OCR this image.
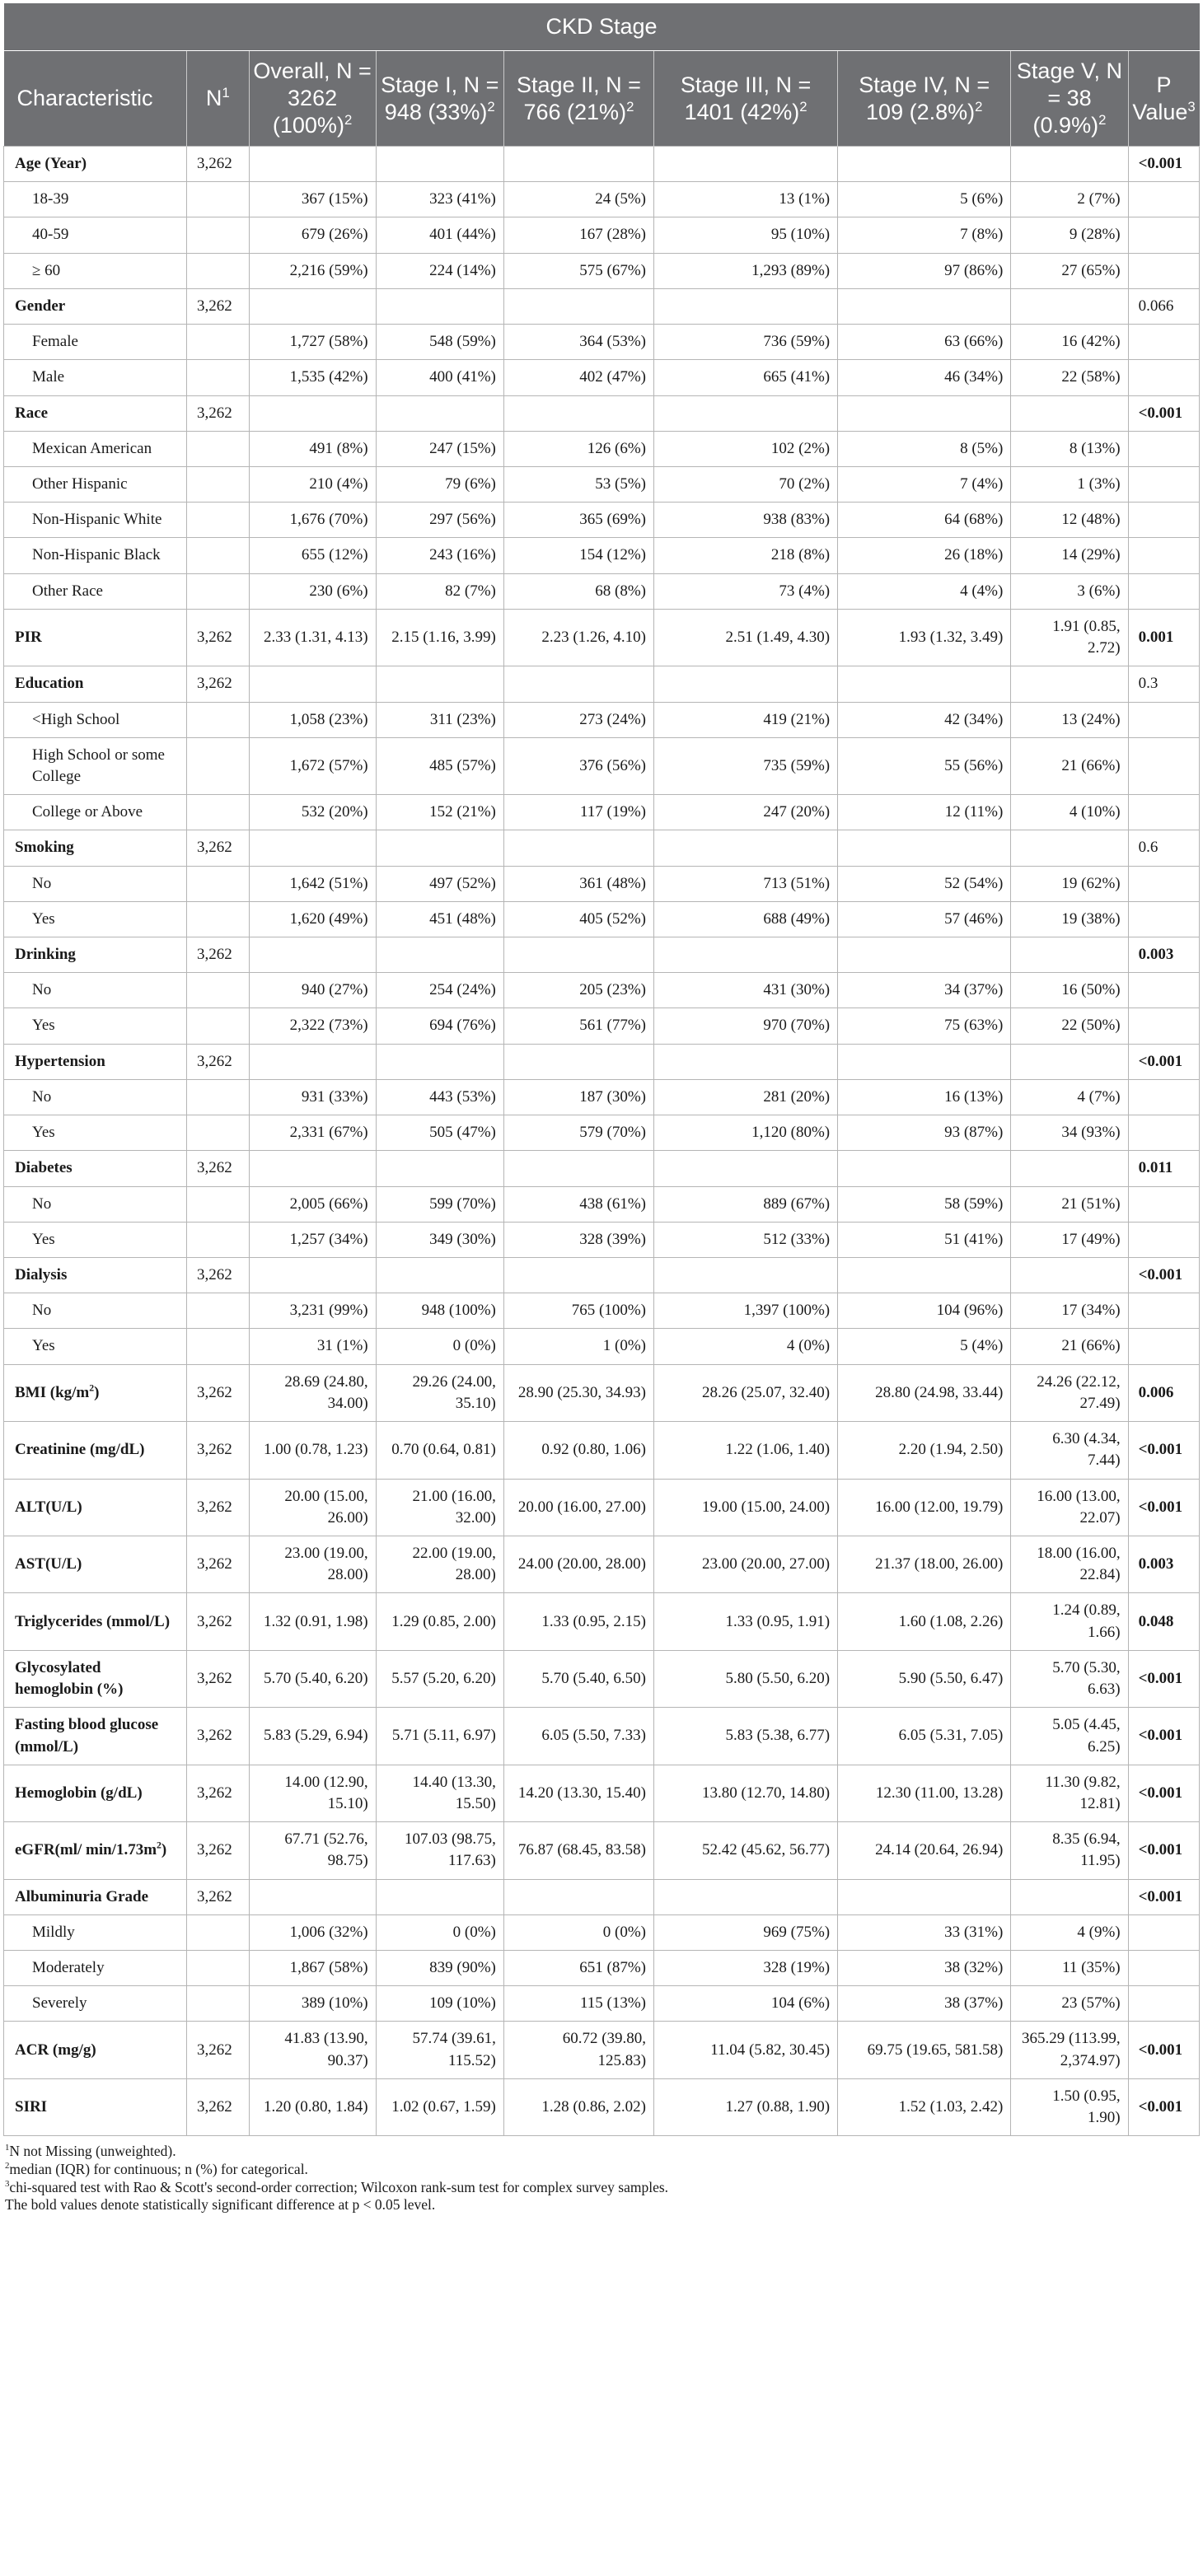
CKD Stage								
Characteristic	$N^1$	Overall, N = 3262 $(100\%)^2$	Stage I, N = 948 $(33\%)^2$	Stage II, N = 766 $(21\%)^2$	Stage III, N = 1401 $(42\%)^2$	Stage IV, N = 109 $(2.8\%)^2$	Stage V, N = 38 $(0.9\%)^2$	P Value$^3$
Age (Year)	3,262							<0.001
18-39		367 (15%)	323 (41%)	24 (5%)	13 (1%)	5 (6%)	2 (7%)	
40-59		679 (26%)	401 (44%)	167 (28%)	95 (10%)	7 (8%)	9 (28%)	
≥ 60		2,216 (59%)	224 (14%)	575 (67%)	1,293 (89%)	97 (86%)	27 (65%)	
Gender	3,262							0.066
Female		1,727 (58%)	548 (59%)	364 (53%)	736 (59%)	63 (66%)	16 (42%)	
Male		1,535 (42%)	400 (41%)	402 (47%)	665 (41%)	46 (34%)	22 (58%)	
Race	3,262							<0.001
Mexican American		491 (8%)	247 (15%)	126 (6%)	102 (2%)	8 (5%)	8 (13%)	
Other Hispanic		210 (4%)	79 (6%)	53 (5%)	70 (2%)	7 (4%)	1 (3%)	
Non-Hispanic White		1,676 (70%)	297 (56%)	365 (69%)	938 (83%)	64 (68%)	12 (48%)	
Non-Hispanic Black		655 (12%)	243 (16%)	154 (12%)	218 (8%)	26 (18%)	14 (29%)	
Other Race		230 (6%)	82 (7%)	68 (8%)	73 (4%)	4 (4%)	3 (6%)	
PIR	3,262	2.33 (1.31, 4.13)	2.15 (1.16, 3.99)	2.23 (1.26, 4.10)	2.51 (1.49, 4.30)	1.93 (1.32, 3.49)	1.91 (0.85, 2.72)	0.001
Education	3,262							0.3
<High School		1,058 (23%)	311 (23%)	273 (24%)	419 (21%)	42 (34%)	13 (24%)	
High School or some College		1,672 (57%)	485 (57%)	376 (56%)	735 (59%)	55 (56%)	21 (66%)	
College or Above		532 (20%)	152 (21%)	117 (19%)	247 (20%)	12 (11%)	4 (10%)	
Smoking	3,262							0.6
No		1,642 (51%)	497 (52%)	361 (48%)	713 (51%)	52 (54%)	19 (62%)	
Yes		1,620 (49%)	451 (48%)	405 (52%)	688 (49%)	57 (46%)	19 (38%)	
Drinking	3,262							0.003
No		940 (27%)	254 (24%)	205 (23%)	431 (30%)	34 (37%)	16 (50%)	
Yes		2,322 (73%)	694 (76%)	561 (77%)	970 (70%)	75 (63%)	22 (50%)	
Hypertension	3,262							<0.001
No		931 (33%)	443 (53%)	187 (30%)	281 (20%)	16 (13%)	4 (7%)	
Yes		2,331 (67%)	505 (47%)	579 (70%)	1,120 (80%)	93 (87%)	34 (93%)	
Diabetes	3,262							0.011
No		2,005 (66%)	599 (70%)	438 (61%)	889 (67%)	58 (59%)	21 (51%)	
Yes		1,257 (34%)	349 (30%)	328 (39%)	512 (33%)	51 (41%)	17 (49%)	
Dialysis	3,262							<0.001
No		3,231 (99%)	948 (100%)	765 (100%)	1,397 (100%)	104 (96%)	17 (34%)	
Yes		31 (1%)	0 (0%)	1 (0%)	4 (0%)	5 (4%)	21 (66%)	
BMI $(kg/m^2)$	3,262	28.69 (24.80, 34.00)	29.26 (24.00, 35.10)	28.90 (25.30, 34.93)	28.26 (25.07, 32.40)	28.80 (24.98, 33.44)	24.26 (22.12, 27.49)	0.006
Creatinine (mg/dL)	3,262	1.00 (0.78, 1.23)	0.70 (0.64, 0.81)	0.92 (0.80, 1.06)	1.22 (1.06, 1.40)	2.20 (1.94, 2.50)	6.30 (4.34, 7.44)	<0.001
ALT(U/L)	3,262	20.00 (15.00, 26.00)	21.00 (16.00, 32.00)	20.00 (16.00, 27.00)	19.00 (15.00, 24.00)	16.00 (12.00, 19.79)	16.00 (13.00, 22.07)	<0.001
AST(U/L)	3,262	23.00 (19.00, 28.00)	22.00 (19.00, 28.00)	24.00 (20.00, 28.00)	23.00 (20.00, 27.00)	21.37 (18.00, 26.00)	18.00 (16.00, 22.84)	0.003
Triglycerides (mmol/L)	3,262	1.32 (0.91, 1.98)	1.29 (0.85, 2.00)	1.33 (0.95, 2.15)	1.33 (0.95, 1.91)	1.60 (1.08, 2.26)	1.24 (0.89, 1.66)	0.048
Glycosylated hemoglobin (%)	3,262	5.70 (5.40, 6.20)	5.57 (5.20, 6.20)	5.70 (5.40, 6.50)	5.80 (5.50, 6.20)	5.90 (5.50, 6.47)	5.70 (5.30, 6.63)	<0.001
Fasting blood glucose (mmol/L)	3,262	5.83 (5.29, 6.94)	5.71 (5.11, 6.97)	6.05 (5.50, 7.33)	5.83 (5.38, 6.77)	6.05 (5.31, 7.05)	5.05 (4.45, 6.25)	<0.001
Hemoglobin (g/dL)	3,262	14.00 (12.90, 15.10)	14.40 (13.30, 15.50)	14.20 (13.30, 15.40)	13.80 (12.70, 14.80)	12.30 (11.00, 13.28)	11.30 (9.82, 12.81)	<0.001
eGFR(ml/ $\min/1.73m^2$)	3,262	67.71 (52.76, 98.75)	107.03 (98.75, 117.63)	76.87 (68.45, 83.58)	52.42 (45.62, 56.77)	24.14 (20.64, 26.94)	8.35 (6.94, 11.95)	<0.001
Albuminuria Grade	3,262							<0.001
Mildly		1,006 (32%)	0 (0%)	0 (0%)	969 (75%)	33 (31%)	4 (9%)	
Moderately		1,867 (58%)	839 (90%)	651 (87%)	328 (19%)	38 (32%)	11 (35%)	
Severely		389 (10%)	109 (10%)	115 (13%)	104 (6%)	38 (37%)	23 (57%)	
ACR (mg/g)	3,262	41.83 (13.90, 90.37)	57.74 (39.61, 115.52)	60.72 (39.80, 125.83)	11.04 (5.82, 30.45)	69.75 (19.65, 581.58)	365.29 (113.99, 2,374.97)	<0.001
SIRI	3,262	1.20 (0.80, 1.84)	1.02 (0.67, 1.59)	1.28 (0.86, 2.02)	1.27 (0.88, 1.90)	1.52 (1.03, 2.42)	1.50 (0.95, 1.90)	<0.001
$^1$N not Missing (unweighted).
$^2$median (IQR) for continuous; n (%) for categorical.
$^3$chi-squared test with Rao & Scott's second-order correction; Wilcoxon rank-sum test for complex survey samples.
The bold values denote statistically significant difference at p < 0.05 level.
